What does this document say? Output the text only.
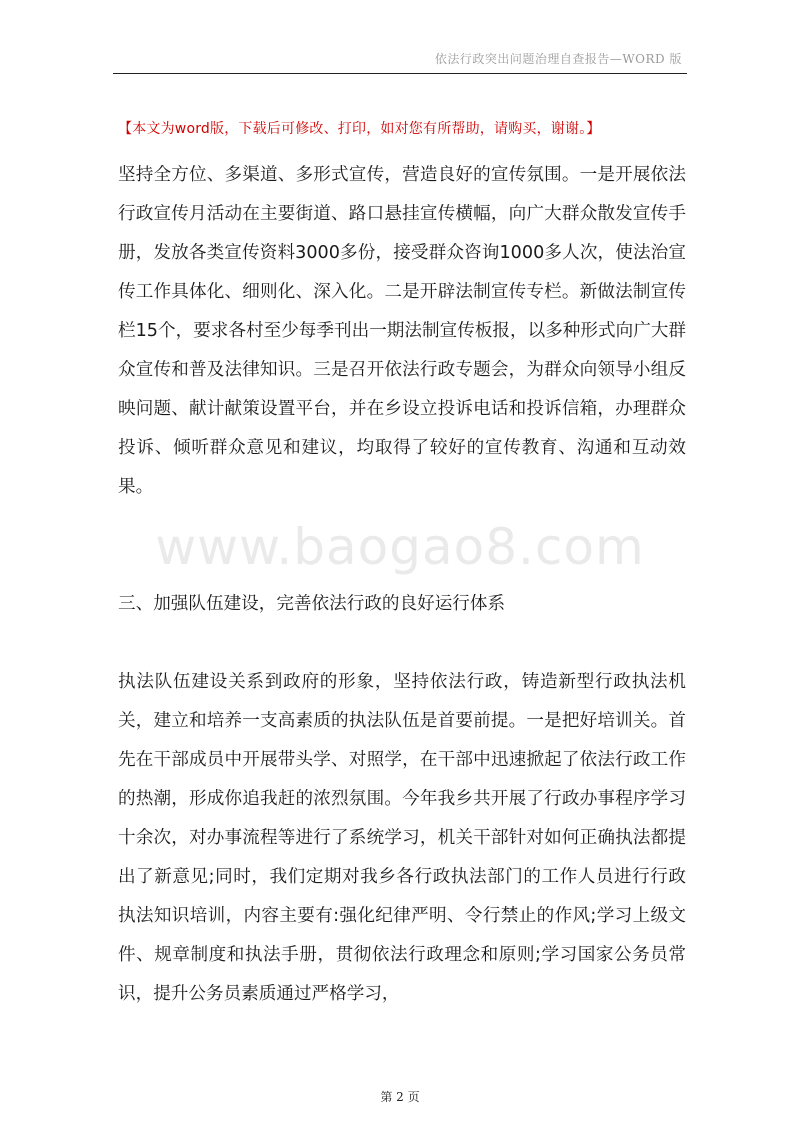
依法行政突出问题治理自查报告—WORD 版
【本文为word版，下载后可修改、打印，如对您有所帮助，请购买，谢谢。】
坚持全方位、多渠道、多形式宣传，营造良好的宣传氛围。一是开展依法行政宣传月活动在主要街道、路口悬挂宣传横幅，向广大群众散发宣传手册，发放各类宣传资料3000多份，接受群众咨询1000多人次，使法治宣传工作具体化、细则化、深入化。二是开辟法制宣传专栏。新做法制宣传栏15个，要求各村至少每季刊出一期法制宣传板报，以多种形式向广大群众宣传和普及法律知识。三是召开依法行政专题会，为群众向领导小组反映问题、献计献策设置平台，并在乡设立投诉电话和投诉信箱，办理群众投诉、倾听群众意见和建议，均取得了较好的宣传教育、沟通和互动效果。
www.baogao8.com
三、加强队伍建设，完善依法行政的良好运行体系
执法队伍建设关系到政府的形象，坚持依法行政，铸造新型行政执法机关，建立和培养一支高素质的执法队伍是首要前提。一是把好培训关。首先在干部成员中开展带头学、对照学，在干部中迅速掀起了依法行政工作的热潮，形成你追我赶的浓烈氛围。今年我乡共开展了行政办事程序学习十余次，对办事流程等进行了系统学习，机关干部针对如何正确执法都提出了新意见;同时，我们定期对我乡各行政执法部门的工作人员进行行政执法知识培训，内容主要有:强化纪律严明、令行禁止的作风;学习上级文件、规章制度和执法手册，贯彻依法行政理念和原则;学习国家公务员常识，提升公务员素质通过严格学习，
第 2 页
